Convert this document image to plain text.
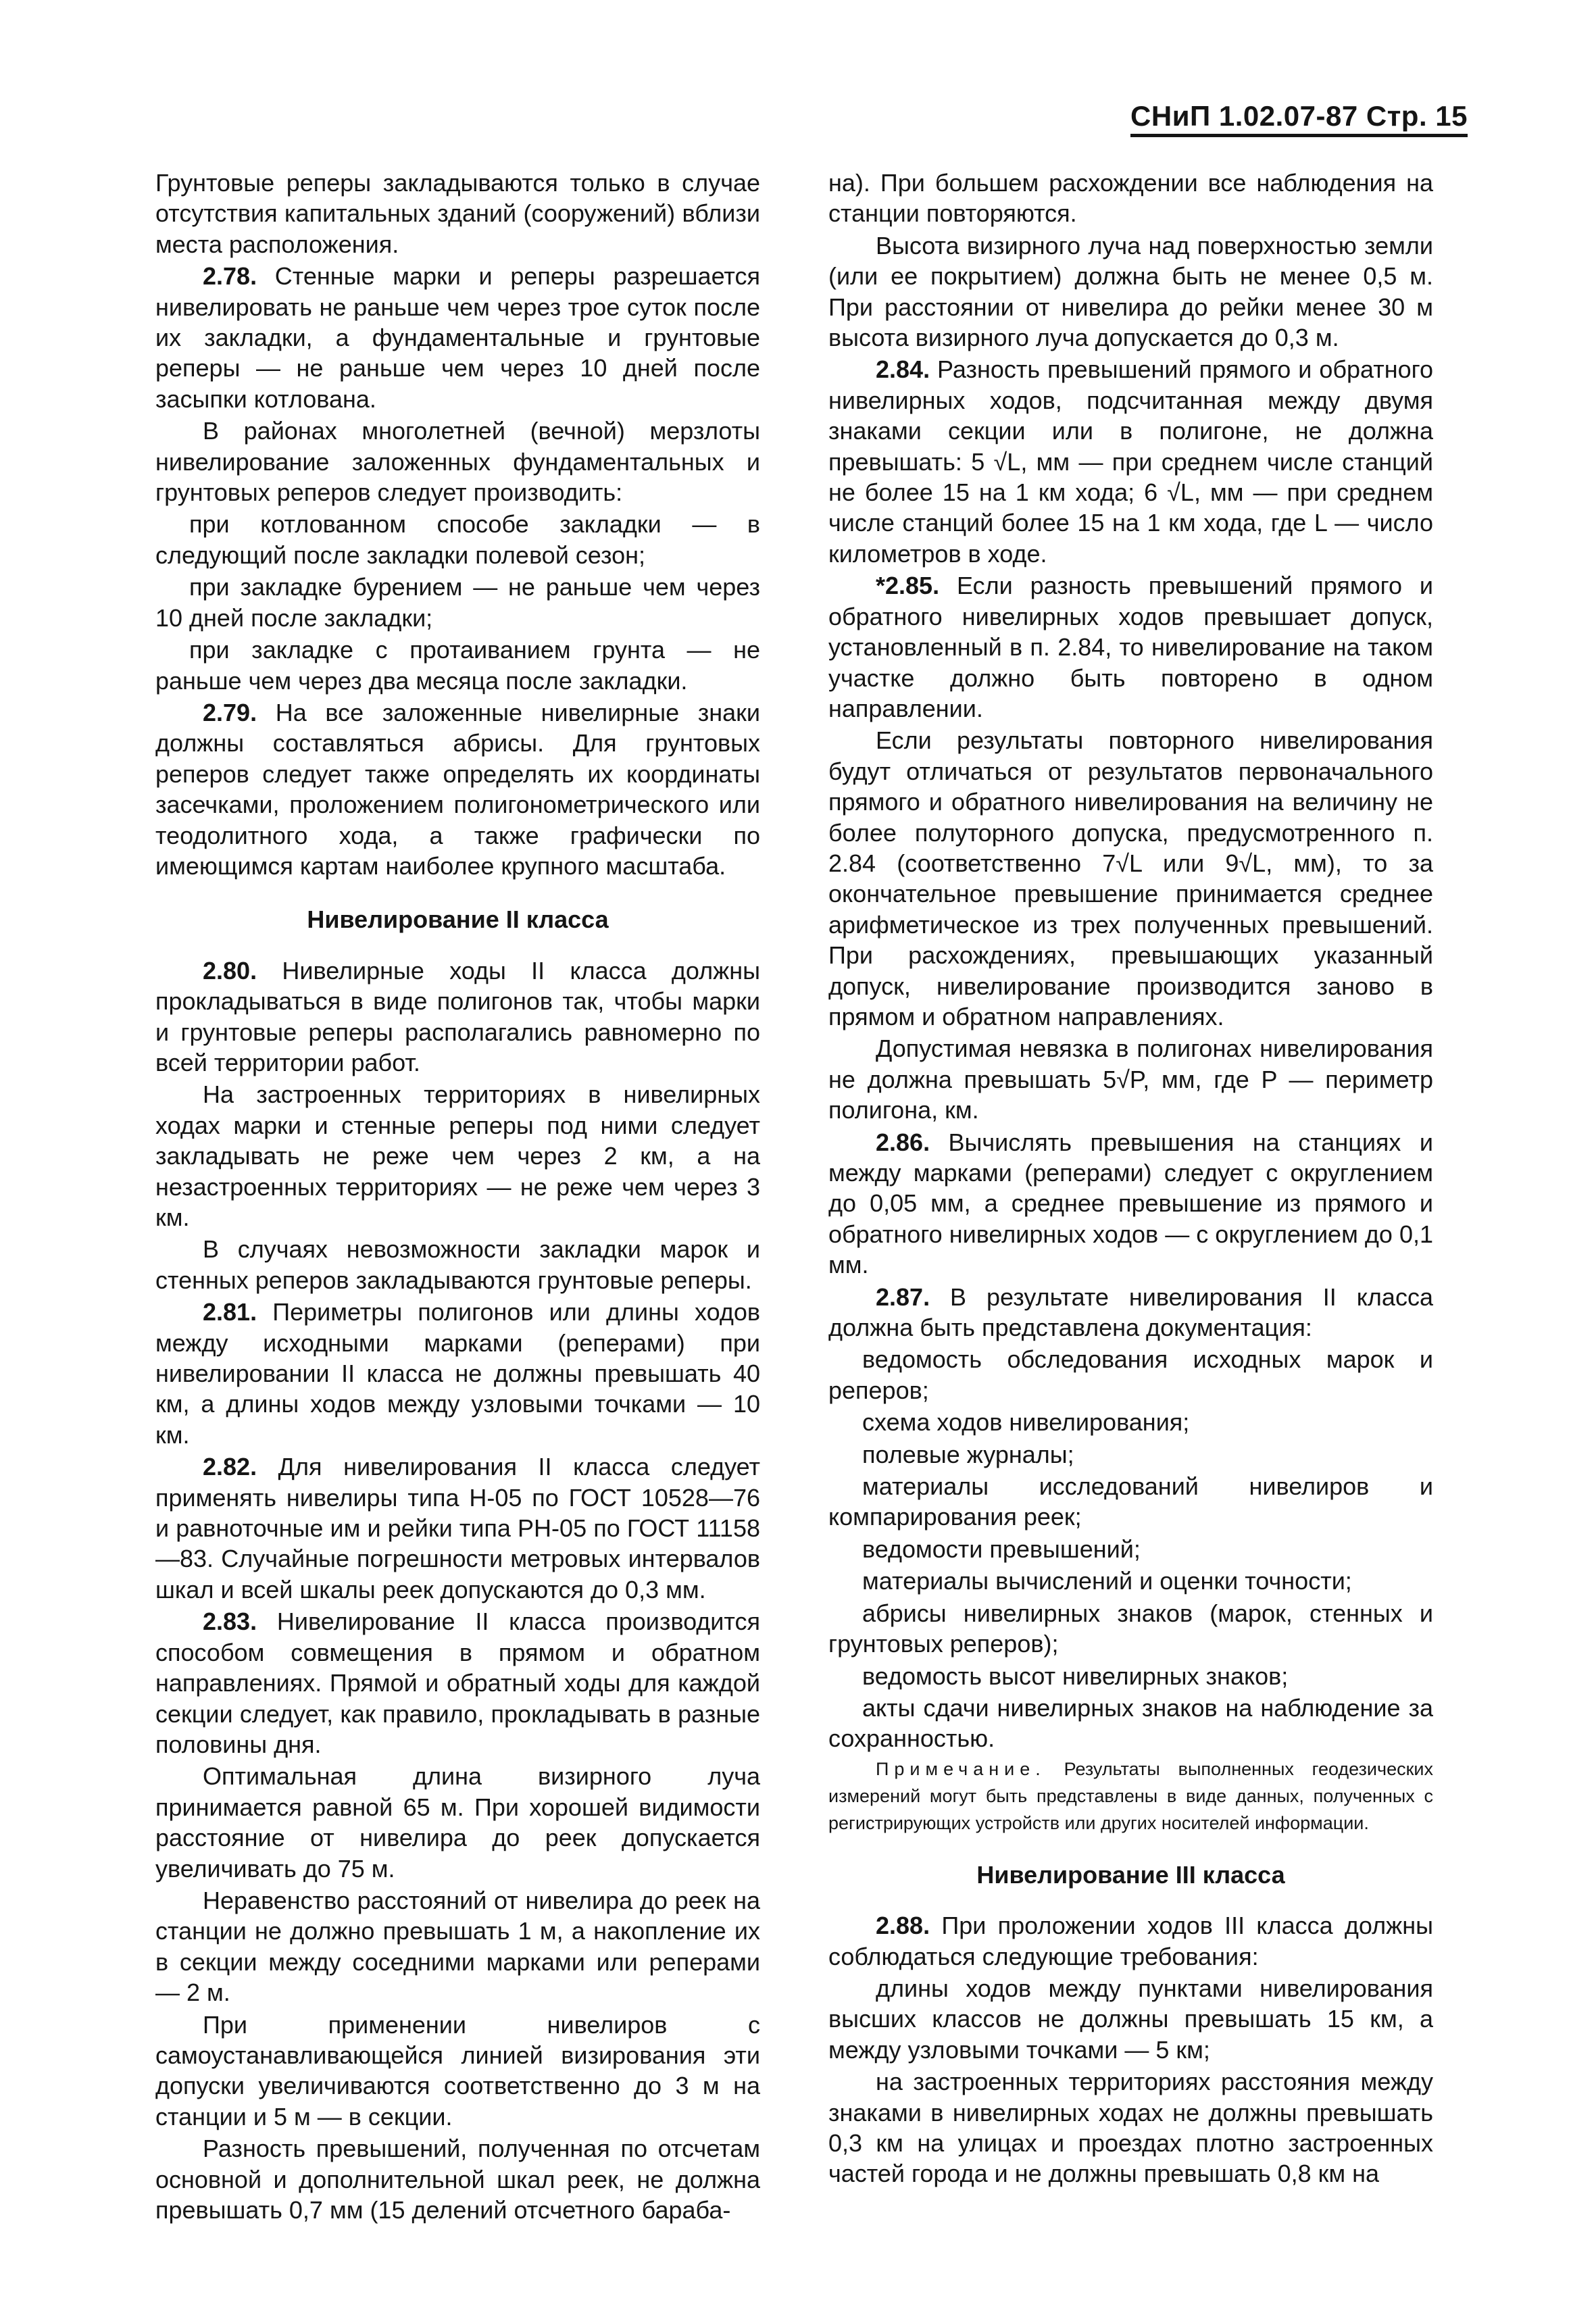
СНиП 1.02.07-87 Стр. 15

Грунтовые реперы закладываются только в случае отсутствия капитальных зданий (сооружений) вблизи места расположения.

2.78. Стенные марки и реперы разрешается нивелировать не раньше чем через трое суток после их закладки, а фундаментальные и грунтовые реперы — не раньше чем через 10 дней после засыпки котлована.

В районах многолетней (вечной) мерзлоты нивелирование заложенных фундаментальных и грунтовых реперов следует производить:

при котлованном способе закладки — в следующий после закладки полевой сезон;

при закладке бурением — не раньше чем через 10 дней после закладки;

при закладке с протаиванием грунта — не раньше чем через два месяца после закладки.

2.79. На все заложенные нивелирные знаки должны составляться абрисы. Для грунтовых реперов следует также определять их координаты засечками, проложением полигонометрического или теодолитного хода, а также графически по имеющимся картам наиболее крупного масштаба.

Нивелирование II класса

2.80. Нивелирные ходы II класса должны прокладываться в виде полигонов так, чтобы марки и грунтовые реперы располагались равномерно по всей территории работ.

На застроенных территориях в нивелирных ходах марки и стенные реперы под ними следует закладывать не реже чем через 2 км, а на незастроенных территориях — не реже чем через 3 км.

В случаях невозможности закладки марок и стенных реперов закладываются грунтовые реперы.

2.81. Периметры полигонов или длины ходов между исходными марками (реперами) при нивелировании II класса не должны превышать 40 км, а длины ходов между узловыми точками — 10 км.

2.82. Для нивелирования II класса следует применять нивелиры типа Н-05 по ГОСТ 10528—76 и равноточные им и рейки типа РН-05 по ГОСТ 11158—83. Случайные погрешности метровых интервалов шкал и всей шкалы реек допускаются до 0,3 мм.

2.83. Нивелирование II класса производится способом совмещения в прямом и обратном направлениях. Прямой и обратный ходы для каждой секции следует, как правило, прокладывать в разные половины дня.

Оптимальная длина визирного луча принимается равной 65 м. При хорошей видимости расстояние от нивелира до реек допускается увеличивать до 75 м.

Неравенство расстояний от нивелира до реек на станции не должно превышать 1 м, а накопление их в секции между соседними марками или реперами — 2 м.

При применении нивелиров с самоустанавливающейся линией визирования эти допуски увеличиваются соответственно до 3 м на станции и 5 м — в секции.

Разность превышений, полученная по отсчетам основной и дополнительной шкал реек, не должна превышать 0,7 мм (15 делений отсчетного бараба-

на). При большем расхождении все наблюдения на станции повторяются.

Высота визирного луча над поверхностью земли (или ее покрытием) должна быть не менее 0,5 м. При расстоянии от нивелира до рейки менее 30 м высота визирного луча допускается до 0,3 м.

2.84. Разность превышений прямого и обратного нивелирных ходов, подсчитанная между двумя знаками секции или в полигоне, не должна превышать: 5 √L, мм — при среднем числе станций не более 15 на 1 км хода; 6 √L, мм — при среднем числе станций более 15 на 1 км хода, где L — число километров в ходе.

*2.85. Если разность превышений прямого и обратного нивелирных ходов превышает допуск, установленный в п. 2.84, то нивелирование на таком участке должно быть повторено в одном направлении.

Если результаты повторного нивелирования будут отличаться от результатов первоначального прямого и обратного нивелирования на величину не более полуторного допуска, предусмотренного п. 2.84 (соответственно 7√L или 9√L, мм), то за окончательное превышение принимается среднее арифметическое из трех полученных превышений. При расхождениях, превышающих указанный допуск, нивелирование производится заново в прямом и обратном направлениях.

Допустимая невязка в полигонах нивелирования не должна превышать 5√P, мм, где P — периметр полигона, км.

2.86. Вычислять превышения на станциях и между марками (реперами) следует с округлением до 0,05 мм, а среднее превышение из прямого и обратного нивелирных ходов — с округлением до 0,1 мм.

2.87. В результате нивелирования II класса должна быть представлена документация:

ведомость обследования исходных марок и реперов;

схема ходов нивелирования;

полевые журналы;

материалы исследований нивелиров и компарирования реек;

ведомости превышений;

материалы вычислений и оценки точности;

абрисы нивелирных знаков (марок, стенных и грунтовых реперов);

ведомость высот нивелирных знаков;

акты сдачи нивелирных знаков на наблюдение за сохранностью.

Примечание. Результаты выполненных геодезических измерений могут быть представлены в виде данных, полученных с регистрирующих устройств или других носителей информации.

Нивелирование III класса

2.88. При проложении ходов III класса должны соблюдаться следующие требования:

длины ходов между пунктами нивелирования высших классов не должны превышать 15 км, а между узловыми точками — 5 км;

на застроенных территориях расстояния между знаками в нивелирных ходах не должны превышать 0,3 км на улицах и проездах плотно застроенных частей города и не должны превышать 0,8 км на
